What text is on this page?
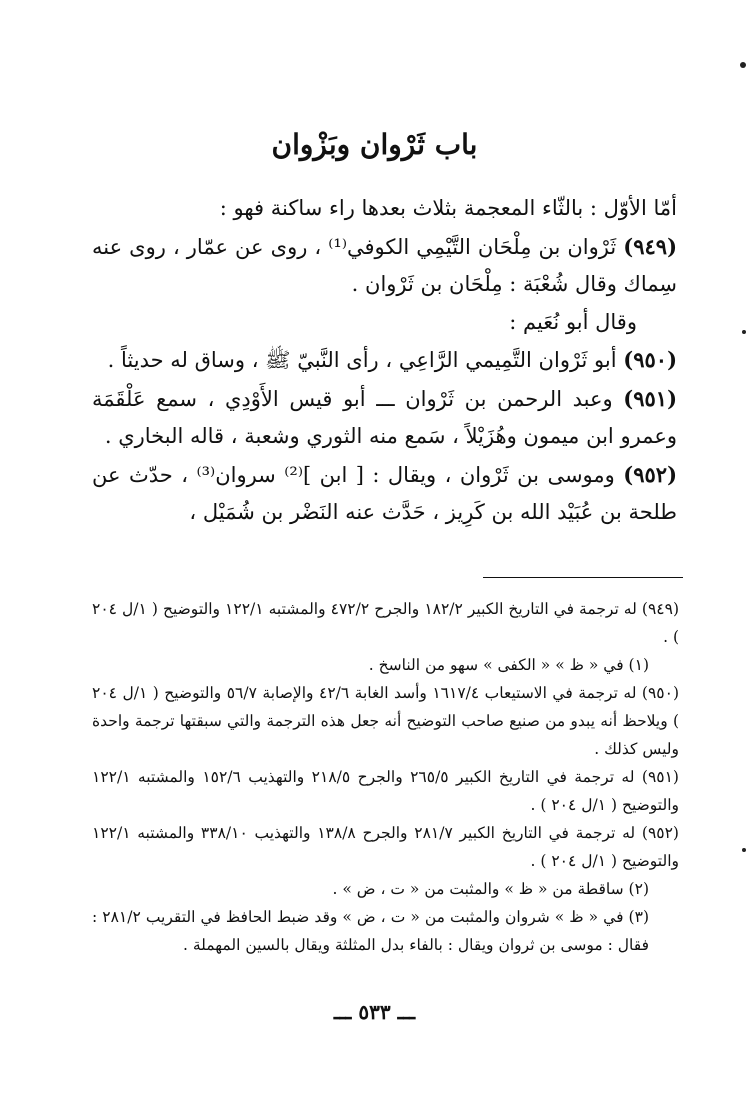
باب ثَرْوان وبَزْوان

أمّا الأوّل : بالثّاء المعجمة بثلاث بعدها راء ساكنة فهو :

(٩٤٩) ثَرْوان بن مِلْحَان التَّيْمِي الكوفي⁽¹⁾ ، روى عن عمّار ، روى عنه سِماك وقال شُعْبَة : مِلْحَان بن ثَرْوان .

وقال أبو نُعَيم :

(٩٥٠) أبو ثَرْوان التَّمِيمي الرَّاعِي ، رأى النَّبيّ ﷺ ، وساق له حديثاً .

(٩٥١) وعبد الرحمن بن ثَرْوان ـــ أبو قيس الأَوْدِي ، سمع عَلْقَمَة وعمرو ابن ميمون وهُزَيْلاً ، سَمع منه الثوري وشعبة ، قاله البخاري .

(٩٥٢) وموسى بن ثَرْوان ، ويقال : [ ابن ]⁽²⁾ سروان⁽³⁾ ، حدّث عن طلحة بن عُبَيْد الله بن كَرِيز ، حَدَّث عنه النَضْر بن شُمَيْل ،

(٩٤٩) له ترجمة في التاريخ الكبير ١٨٢/٢ والجرح ٤٧٢/٢ والمشتبه ١٢٢/١ والتوضيح ( ١/ل ٢٠٤ ) .

(١) في « ظ » « الكفى » سهو من الناسخ .

(٩٥٠) له ترجمة في الاستيعاب ١٦١٧/٤ وأسد الغابة ٤٢/٦ والإصابة ٥٦/٧ والتوضيح ( ١/ل ٢٠٤ ) ويلاحظ أنه يبدو من صنيع صاحب التوضيح أنه جعل هذه الترجمة والتي سبقتها ترجمة واحدة وليس كذلك .

(٩٥١) له ترجمة في التاريخ الكبير ٢٦٥/٥ والجرح ٢١٨/٥ والتهذيب ١٥٢/٦ والمشتبه ١٢٢/١ والتوضيح ( ١/ل ٢٠٤ ) .

(٩٥٢) له ترجمة في التاريخ الكبير ٢٨١/٧ والجرح ١٣٨/٨ والتهذيب ٣٣٨/١٠ والمشتبه ١٢٢/١ والتوضيح ( ١/ل ٢٠٤ ) .

(٢) ساقطة من « ظ » والمثبت من « ت ، ض » .

(٣) في « ظ » شروان والمثبت من « ت ، ض » وقد ضبط الحافظ في التقريب ٢٨١/٢ : فقال : موسى بن ثروان ويقال : بالفاء بدل المثلثة ويقال بالسين المهملة .

ـــ ٥٣٣ ـــ
